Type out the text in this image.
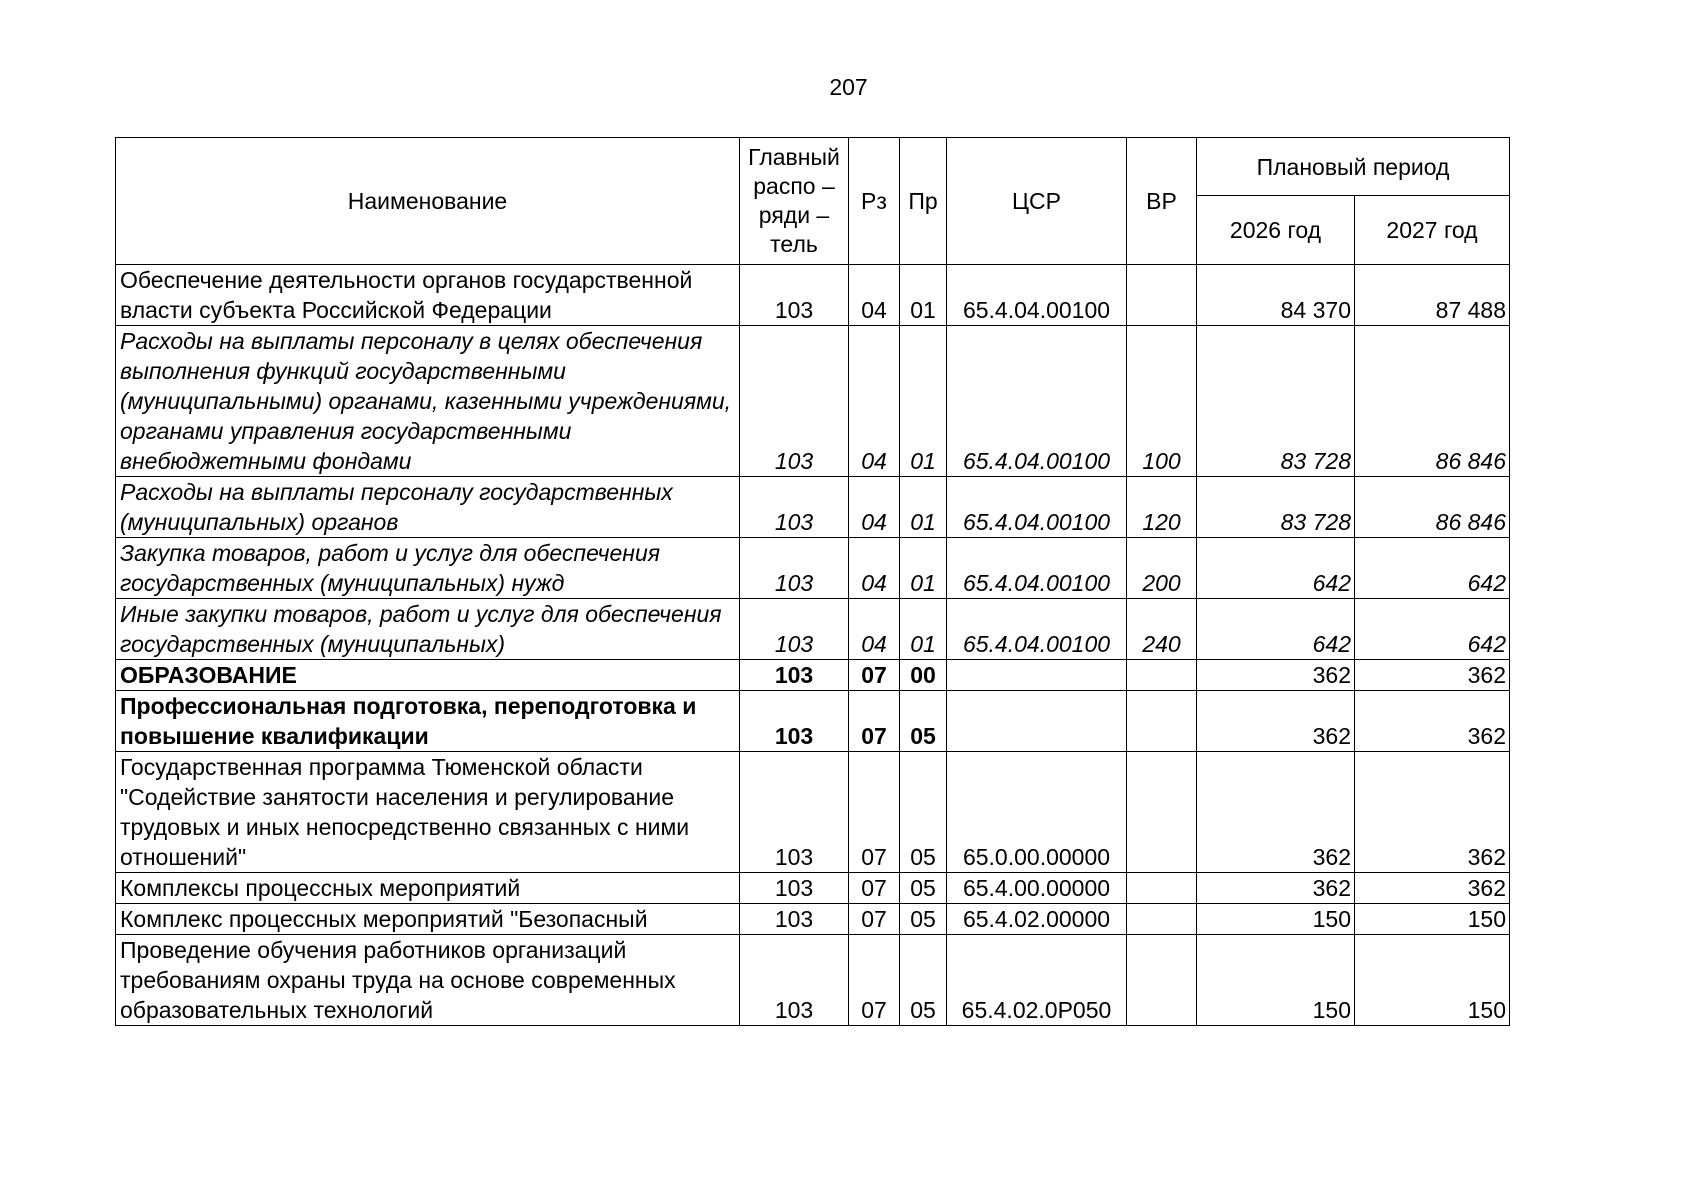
207
Наименование	Главный распо – ряди – тель	Рз	Пр	ЦСР	ВР	Плановый период	
						2026 год	2027 год
Обеспечение деятельности органов государственной власти субъекта Российской Федерации	103	04	01	65.4.04.00100		84 370	87 488
Расходы на выплаты персоналу в целях обеспечения выполнения функций государственными (муниципальными) органами, казенными учреждениями, органами управления государственными внебюджетными фондами	103	04	01	65.4.04.00100	100	83 728	86 846
Расходы на выплаты персоналу государственных (муниципальных) органов	103	04	01	65.4.04.00100	120	83 728	86 846
Закупка товаров, работ и услуг для обеспечения государственных (муниципальных) нужд	103	04	01	65.4.04.00100	200	642	642
Иные закупки товаров, работ и услуг для обеспечения государственных (муниципальных)	103	04	01	65.4.04.00100	240	642	642
ОБРАЗОВАНИЕ	103	07	00			362	362
Профессиональная подготовка, переподготовка и повышение квалификации	103	07	05			362	362
Государственная программа Тюменской области "Содействие занятости населения и регулирование трудовых и иных непосредственно связанных с ними отношений"	103	07	05	65.0.00.00000		362	362
Комплексы процессных мероприятий	103	07	05	65.4.00.00000		362	362
Комплекс процессных мероприятий "Безопасный	103	07	05	65.4.02.00000		150	150
Проведение обучения работников организаций требованиям охраны труда на основе современных образовательных технологий	103	07	05	65.4.02.0Р050		150	150
